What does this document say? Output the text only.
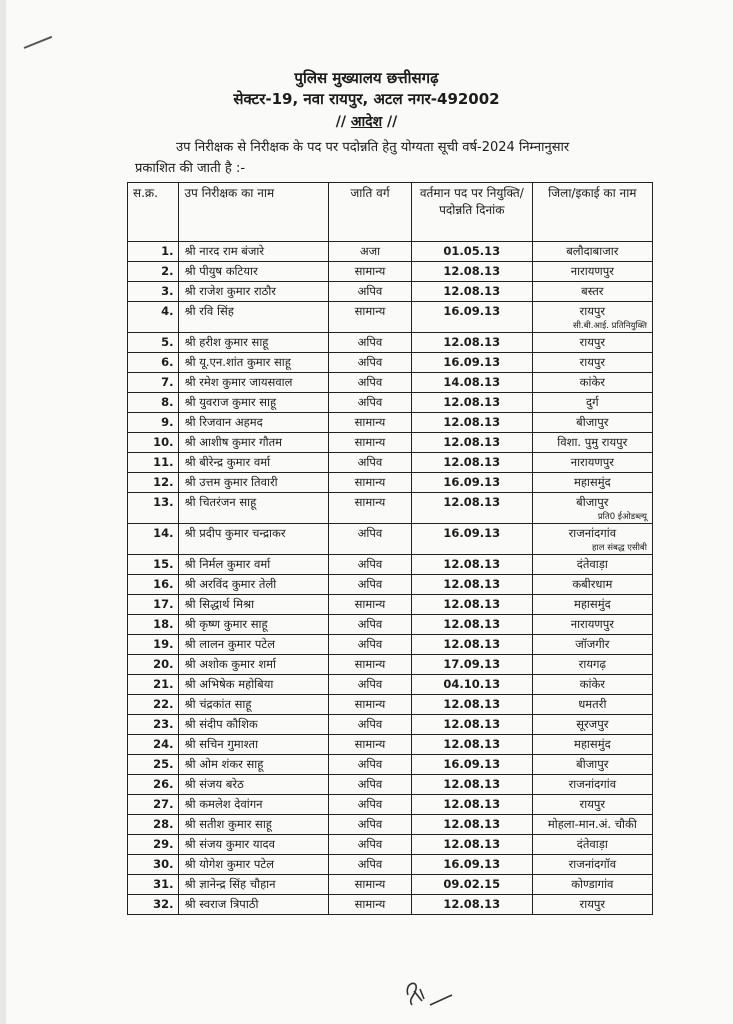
पुलिस मुख्यालय छत्तीसगढ़
सेक्टर-19, नवा रायपुर, अटल नगर-492002
// आदेश //
उप निरीक्षक से निरीक्षक के पद पर पदोन्नति हेतु योग्यता सूची वर्ष-2024 निम्नानुसार
प्रकाशित की जाती है :-
स.क्र.	उप निरीक्षक का नाम	जाति वर्ग	वर्तमान पद पर नियुक्ति/पदोन्नति दिनांक	जिला/इकाई का नाम
1.	श्री नारद राम बंजारे	अजा	01.05.13	बलौदाबाजार
2.	श्री पीयुष कटियार	सामान्य	12.08.13	नारायणपुर
3.	श्री राजेश कुमार राठौर	अपिव	12.08.13	बस्तर
4.	श्री रवि सिंह	सामान्य	16.09.13	रायपुर
सी.बी.आई. प्रतिनियुक्ति

5.	श्री हरीश कुमार साहू	अपिव	12.08.13	रायपुर
6.	श्री यू.एन.शांत कुमार साहू	अपिव	16.09.13	रायपुर
7.	श्री रमेश कुमार जायसवाल	अपिव	14.08.13	कांकेर
8.	श्री युवराज कुमार साहू	अपिव	12.08.13	दुर्ग
9.	श्री रिजवान अहमद	सामान्य	12.08.13	बीजापुर
10.	श्री आशीष कुमार गौतम	सामान्य	12.08.13	विशा. पुमु रायपुर
11.	श्री बीरेन्द्र कुमार वर्मा	अपिव	12.08.13	नारायणपुर
12.	श्री उत्तम कुमार तिवारी	सामान्य	16.09.13	महासमुंद
13.	श्री चितरंजन साहू	सामान्य	12.08.13	बीजापुर
प्रति0 ईओडब्ल्यू

14.	श्री प्रदीप कुमार चन्द्राकर	अपिव	16.09.13	राजनांदगांव
हाल संबद्ध एसीबी

15.	श्री निर्मल कुमार वर्मा	अपिव	12.08.13	दंतेवाड़ा
16.	श्री अरविंद कुमार तेली	अपिव	12.08.13	कबीरधाम
17.	श्री सिद्धार्थ मिश्रा	सामान्य	12.08.13	महासमुंद
18.	श्री कृष्ण कुमार साहू	अपिव	12.08.13	नारायणपुर
19.	श्री लालन कुमार पटेल	अपिव	12.08.13	जॉजगीर
20.	श्री अशोक कुमार शर्मा	सामान्य	17.09.13	रायगढ़
21.	श्री अभिषेक महोबिया	अपिव	04.10.13	कांकेर
22.	श्री चंद्रकांत साहू	सामान्य	12.08.13	धमतरी
23.	श्री संदीप कौशिक	अपिव	12.08.13	सूरजपुर
24.	श्री सचिन गुमाश्ता	सामान्य	12.08.13	महासमुंद
25.	श्री ओम शंकर साहू	अपिव	16.09.13	बीजापुर
26.	श्री संजय बरेठ	अपिव	12.08.13	राजनांदगांव
27.	श्री कमलेश देवांगन	अपिव	12.08.13	रायपुर
28.	श्री सतीश कुमार साहू	अपिव	12.08.13	मोहला-मान.अं. चौकी
29.	श्री संजय कुमार यादव	अपिव	12.08.13	दंतेवाड़ा
30.	श्री योगेश कुमार पटेल	अपिव	16.09.13	राजनांदगॉव
31.	श्री ज्ञानेन्द्र सिंह चौहान	सामान्य	09.02.15	कोण्डागांव
32.	श्री स्वराज त्रिपाठी	सामान्य	12.08.13	रायपुर
